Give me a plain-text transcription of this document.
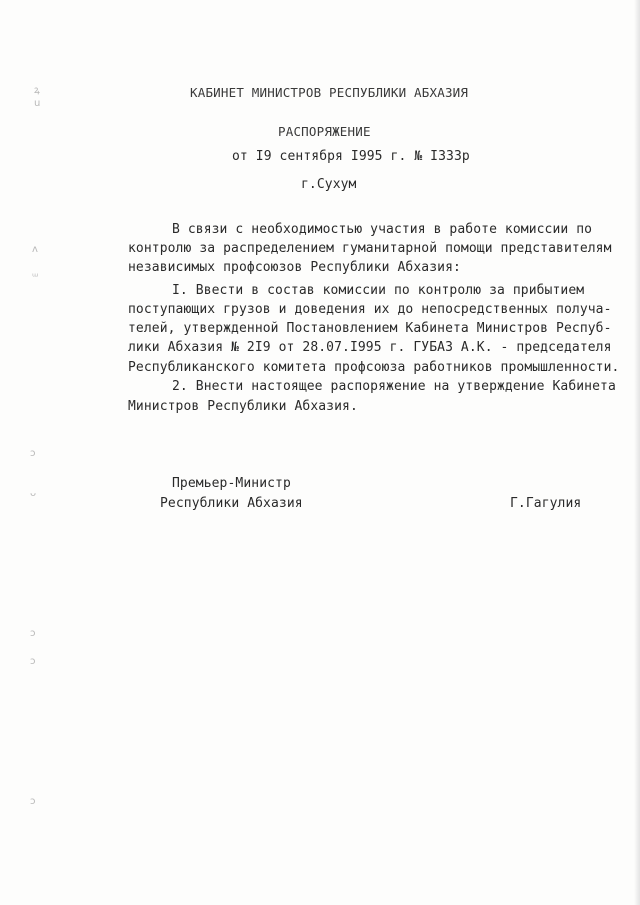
ꝝ
u
ᴧ
ᵚ
ↄ
ᴗ
ↄ
ↄ
ↄ
КАБИНЕТ МИНИСТРОВ РЕСПУБЛИКИ АБХАЗИЯ
РАСПОРЯЖЕНИЕ
от I9 сентября I995 г. № I333р
г.Сухум
В связи с необходимостью участия в работе комиссии по
контролю за распределением гуманитарной помощи представителям
независимых профсоюзов Республики Абхазия:
I. Ввести в состав комиссии по контролю за прибытием
поступающих грузов и доведения их до непосредственных получа-
телей, утвержденной Постановлением Кабинета Министров Респуб-
лики Абхазия № 2I9 от 28.07.I995 г. ГУБАЗ А.К. - председателя
Республиканского комитета профсоюза работников промышленности.
2. Внести настоящее распоряжение на утверждение Кабинета
Министров Республики Абхазия.
Премьер-Министр
Республики Абхазия	Г.Гагулия
